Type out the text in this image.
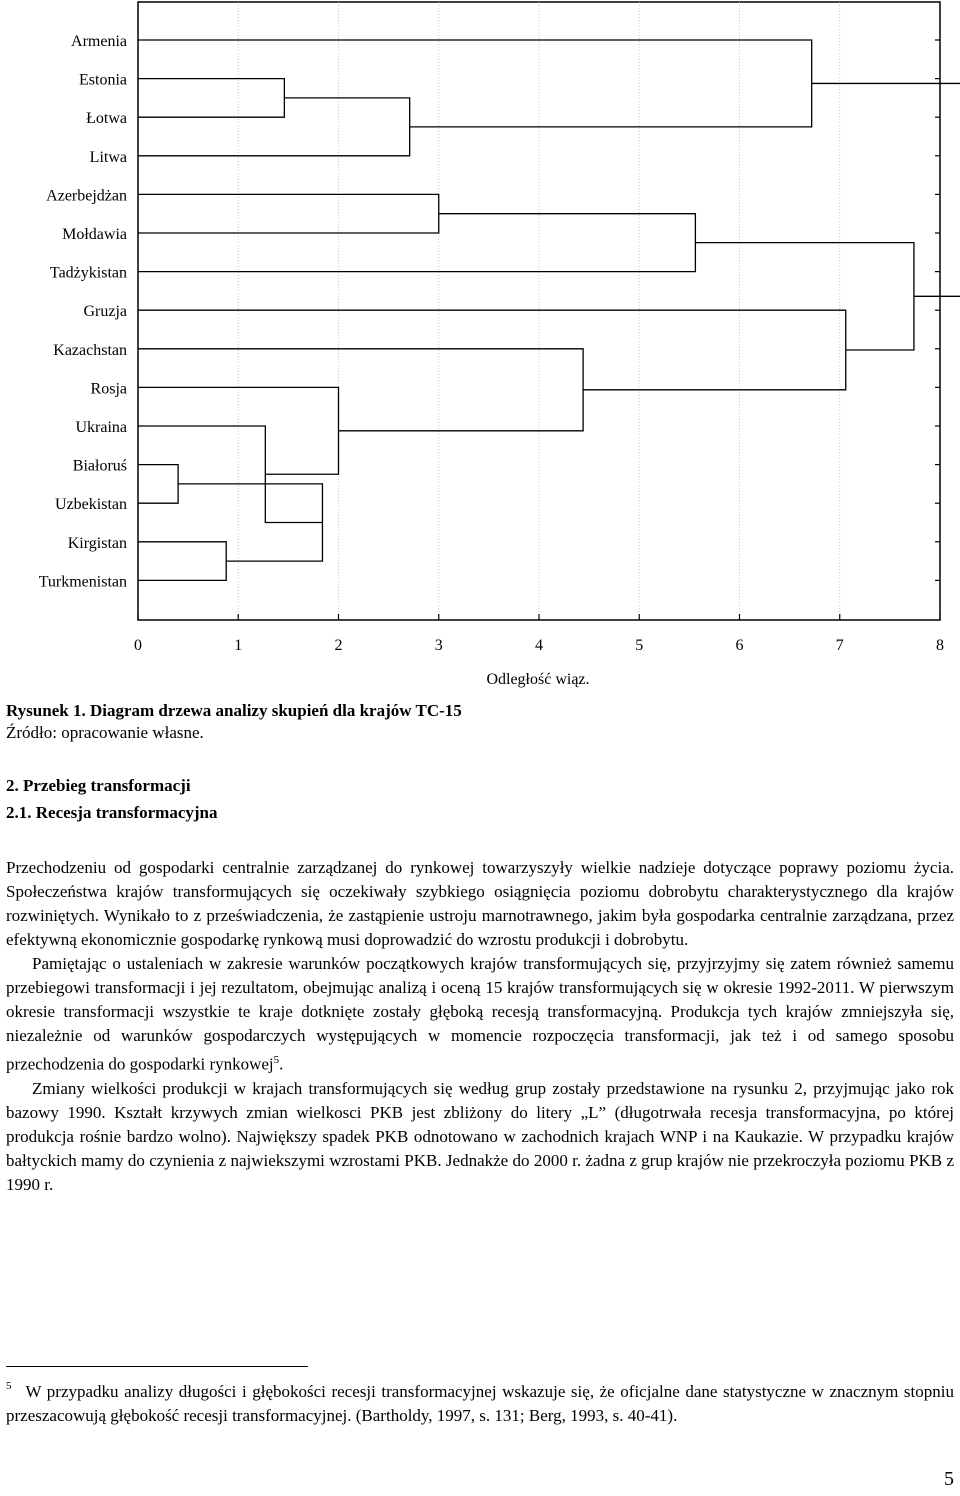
Armenia
Estonia
Łotwa
Litwa
Azerbejdżan
Mołdawia
Tadżykistan
Gruzja
Kazachstan
Rosja
Ukraina
Białoruś
Uzbekistan
Kirgistan
Turkmenistan
0	1	2	3	4	5	6	7	8
Odległość wiąz.
Rysunek 1. Diagram drzewa analizy skupień dla krajów TC-15
Źródło: opracowanie własne.
2. Przebieg transformacji
2.1. Recesja transformacyjna

Przechodzeniu od gospodarki centralnie zarządzanej do rynkowej towarzyszyły wielkie nadzieje dotyczące poprawy poziomu życia. Społeczeństwa krajów transformujących się oczekiwały szybkiego osiągnięcia poziomu dobrobytu charakterystycznego dla krajów rozwiniętych. Wynikało to z przeświadczenia, że zastąpienie ustroju marnotrawnego, jakim była gospodarka centralnie zarządzana, przez efektywną ekonomicznie gospodarkę rynkową musi doprowadzić do wzrostu produkcji i dobrobytu.

Pamiętając o ustaleniach w zakresie warunków początkowych krajów transformujących się, przyjrzyjmy się zatem również samemu przebiegowi transformacji i jej rezultatom, obejmując analizą i oceną 15 krajów transformujących się w okresie 1992-2011. W pierwszym okresie transformacji wszystkie te kraje dotknięte zostały głęboką recesją transformacyjną. Produkcja tych krajów zmniejszyła się, niezależnie od warunków gospodarczych występujących w momencie rozpoczęcia transformacji, jak też i od samego sposobu przechodzenia do gospodarki rynkowej$^5$.

Zmiany wielkości produkcji w krajach transformujących się według grup zostały przedstawione na rysunku 2, przyjmując jako rok bazowy 1990. Kształt krzywych zmian wielkosci PKB jest zbliżony do litery „L” (długotrwała recesja transformacyjna, po której produkcja rośnie bardzo wolno). Największy spadek PKB odnotowano w zachodnich krajach WNP i na Kaukazie. W przypadku krajów bałtyckich mamy do czynienia z najwiekszymi wzrostami PKB. Jednakże do 2000 r. żadna z grup krajów nie przekroczyła poziomu PKB z 1990 r.

$^5$ W przypadku analizy długości i głębokości recesji transformacyjnej wskazuje się, że oficjalne dane statystyczne w znacznym stopniu przeszacowują głębokość recesji transformacyjnej. (Bartholdy, 1997, s. 131; Berg, 1993, s. 40-41).

5
